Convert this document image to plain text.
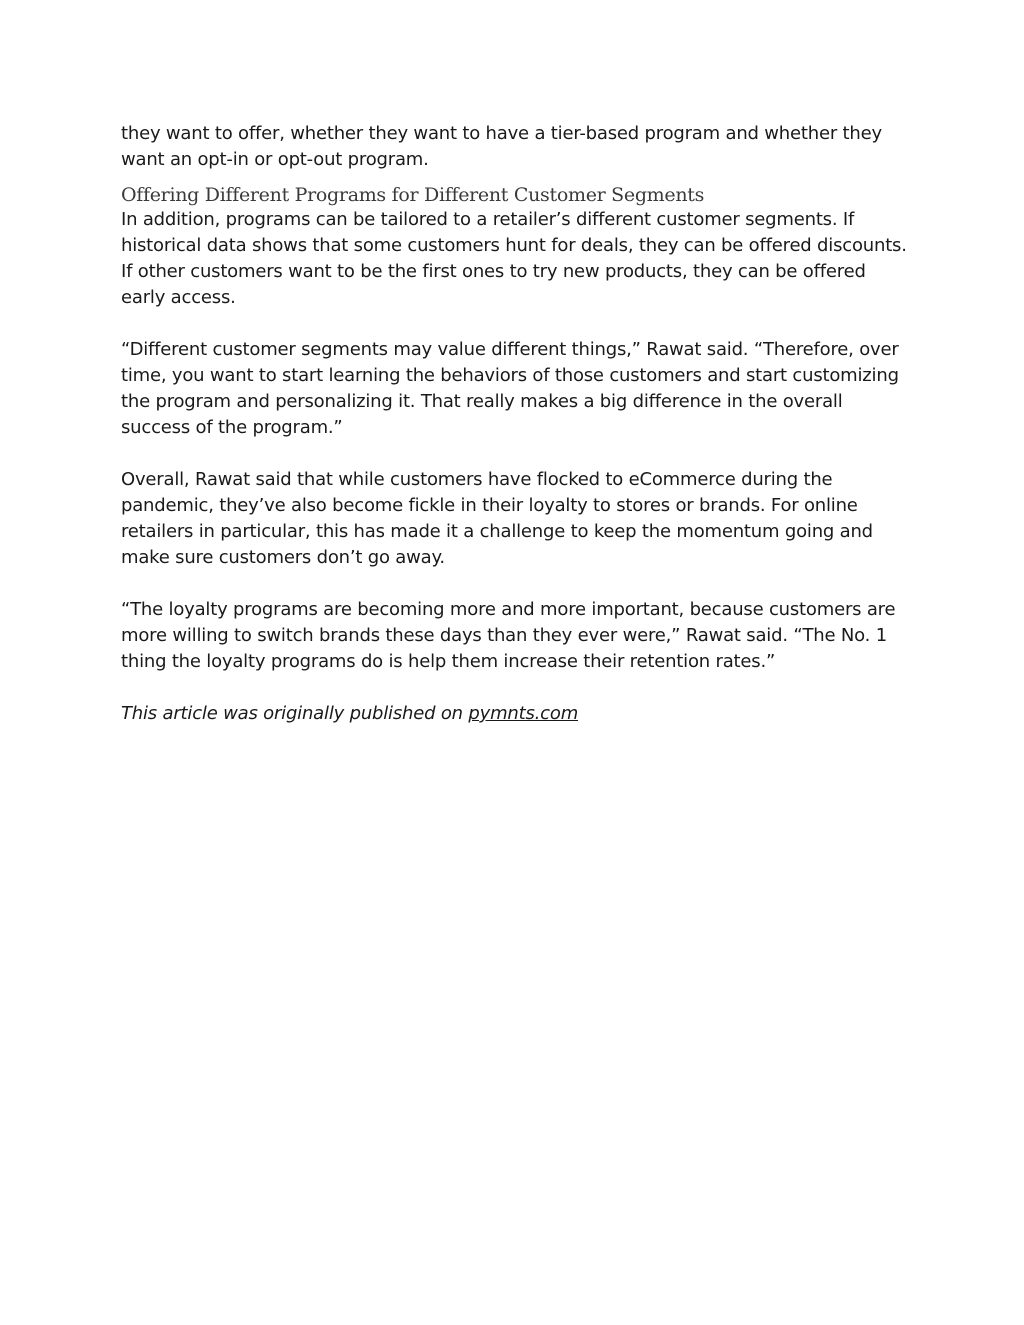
they want to offer, whether they want to have a tier-based program and whether they want an opt-in or opt-out program.

Offering Different Programs for Different Customer Segments

In addition, programs can be tailored to a retailer’s different customer segments. If historical data shows that some customers hunt for deals, they can be offered discounts. If other customers want to be the first ones to try new products, they can be offered early access.

“Different customer segments may value different things,” Rawat said. “Therefore, over time, you want to start learning the behaviors of those customers and start customizing the program and personalizing it. That really makes a big difference in the overall success of the program.”

Overall, Rawat said that while customers have flocked to eCommerce during the pandemic, they’ve also become fickle in their loyalty to stores or brands. For online retailers in particular, this has made it a challenge to keep the momentum going and make sure customers don’t go away.

“The loyalty programs are becoming more and more important, because customers are more willing to switch brands these days than they ever were,” Rawat said. “The No. 1 thing the loyalty programs do is help them increase their retention rates.”

This article was originally published on pymnts.com
